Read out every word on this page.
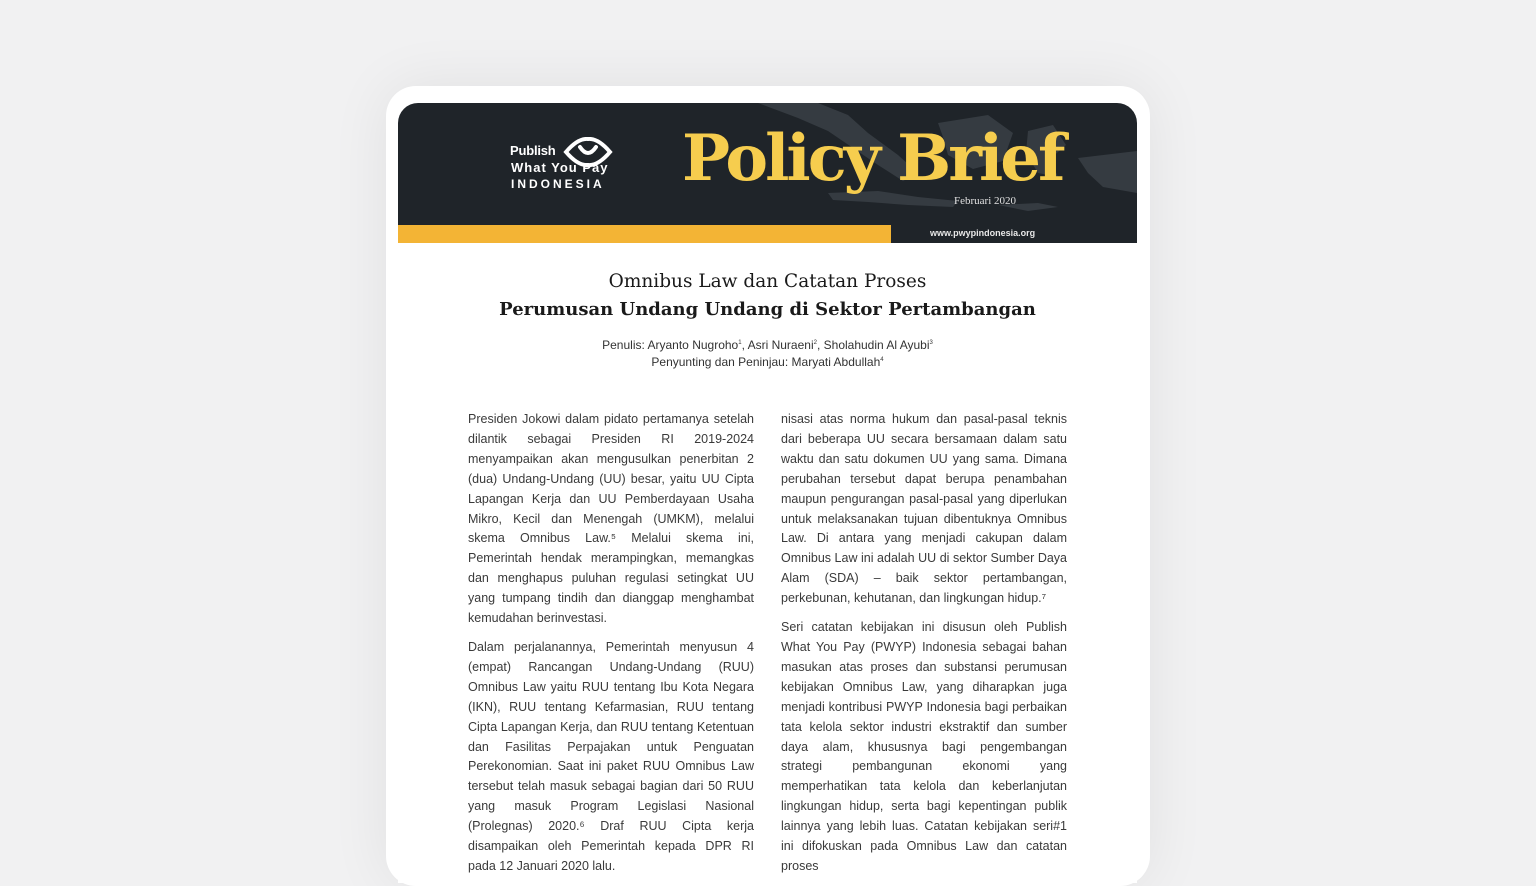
Publish
What You Pay
INDONESIA Policy Brief
Februari 2020
www.pwypindonesia.org
Omnibus Law dan Catatan Proses
Perumusan Undang Undang di Sektor Pertambangan
Penulis: Aryanto Nugroho$^1$, Asri Nuraeni$^2$, Sholahudin Al Ayubi$^3$
Penyunting dan Peninjau: Maryati Abdullah$^4$

Presiden Jokowi dalam pidato pertamanya setelah dilantik sebagai Presiden RI 2019-2024 menyampaikan akan mengusulkan penerbitan 2 (dua) Undang-Undang (UU) besar, yaitu UU Cipta Lapangan Kerja dan UU Pemberdayaan Usaha Mikro, Kecil dan Menengah (UMKM), melalui skema Omnibus Law.⁵ Melalui skema ini, Pemerintah hendak merampingkan, memangkas dan menghapus puluhan regulasi setingkat UU yang tumpang tindih dan dianggap menghambat kemudahan berinvestasi.

Dalam perjalanannya, Pemerintah menyusun 4 (empat) Rancangan Undang-Undang (RUU) Omnibus Law yaitu RUU tentang Ibu Kota Negara (IKN), RUU tentang Kefarmasian, RUU tentang Cipta Lapangan Kerja, dan RUU tentang Ketentuan dan Fasilitas Perpajakan untuk Penguatan Perekonomian. Saat ini paket RUU Omnibus Law tersebut telah masuk sebagai bagian dari 50 RUU yang masuk Program Legislasi Nasional (Prolegnas) 2020.⁶ Draf RUU Cipta kerja disampaikan oleh Pemerintah kepada DPR RI pada 12 Januari 2020 lalu.

nisasi atas norma hukum dan pasal-pasal teknis dari beberapa UU secara bersamaan dalam satu waktu dan satu dokumen UU yang sama. Dimana perubahan tersebut dapat berupa penambahan maupun pengurangan pasal-pasal yang diperlukan untuk melaksanakan tujuan dibentuknya Omnibus Law. Di antara yang menjadi cakupan dalam Omnibus Law ini adalah UU di sektor Sumber Daya Alam (SDA) – baik sektor pertambangan, perkebunan, kehutanan, dan lingkungan hidup.⁷

Seri catatan kebijakan ini disusun oleh Publish What You Pay (PWYP) Indonesia sebagai bahan masukan atas proses dan substansi perumusan kebijakan Omnibus Law, yang diharapkan juga menjadi kontribusi PWYP Indonesia bagi perbaikan tata kelola sektor industri ekstraktif dan sumber daya alam, khususnya bagi pengembangan strategi pembangunan ekonomi yang memperhatikan tata kelola dan keberlanjutan lingkungan hidup, serta bagi kepentingan publik lainnya yang lebih luas. Catatan kebijakan seri#1 ini difokuskan pada Omnibus Law dan catatan proses
